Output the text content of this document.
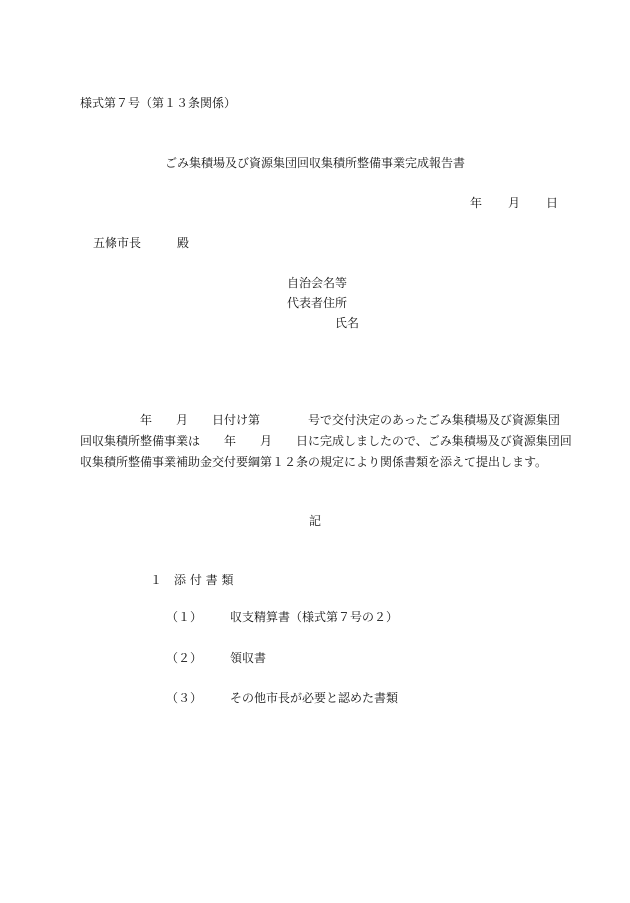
様式第７号（第１３条関係）
ごみ集積場及び資源集団回収集積所整備事業完成報告書
年 月 日
五條市長　　　殿
自治会名等
代表者住所
氏名
　　　　　年　　月　　日付け第　　　　号で交付決定のあったごみ集積場及び資源集団
回収集積所整備事業は　　年　　月　　日に完成しましたので、ごみ集積場及び資源集団回
収集積所整備事業補助金交付要綱第１２条の規定により関係書類を添えて提出します。
記
１　添 付 書 類
（１） 収支精算書（様式第７号の２）
（２） 領収書
（３） その他市長が必要と認めた書類
